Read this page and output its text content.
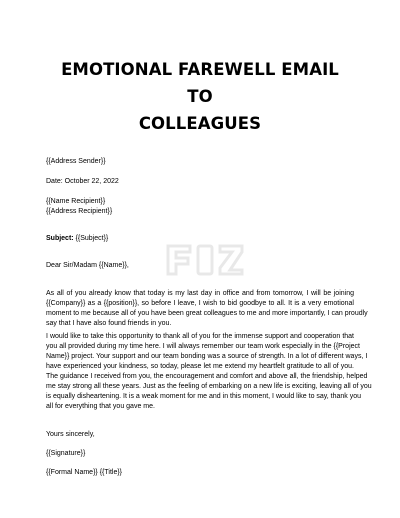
EMOTIONAL FAREWELL EMAIL TO
COLLEAGUES
{{Address Sender}}
Date: October 22, 2022
{{Name Recipient}}
{{Address Recipient}}
Subject: {{Subject}}
Dear Sir/Madam {{Name}},
As all of you already know that today is my last day in office and from tomorrow, I will be joining
{{Company}} as a {{position}}, so before I leave, I wish to bid goodbye to all. It is a very emotional
moment to me because all of you have been great colleagues to me and more importantly, I can proudly
say that I have also found friends in you.
I would like to take this opportunity to thank all of you for the immense support and cooperation that
you all provided during my time here. I will always remember our team work especially in the {{Project
Name}} project. Your support and our team bonding was a source of strength. In a lot of different ways, I
have experienced your kindness, so today, please let me extend my heartfelt gratitude to all of you.
The guidance I received from you, the encouragement and comfort and above all, the friendship, helped
me stay strong all these years. Just as the feeling of embarking on a new life is exciting, leaving all of you
is equally disheartening. It is a weak moment for me and in this moment, I would like to say, thank you
all for everything that you gave me.
Yours sincerely,
{{Signature}}
{{Formal Name}} {{Title}}
